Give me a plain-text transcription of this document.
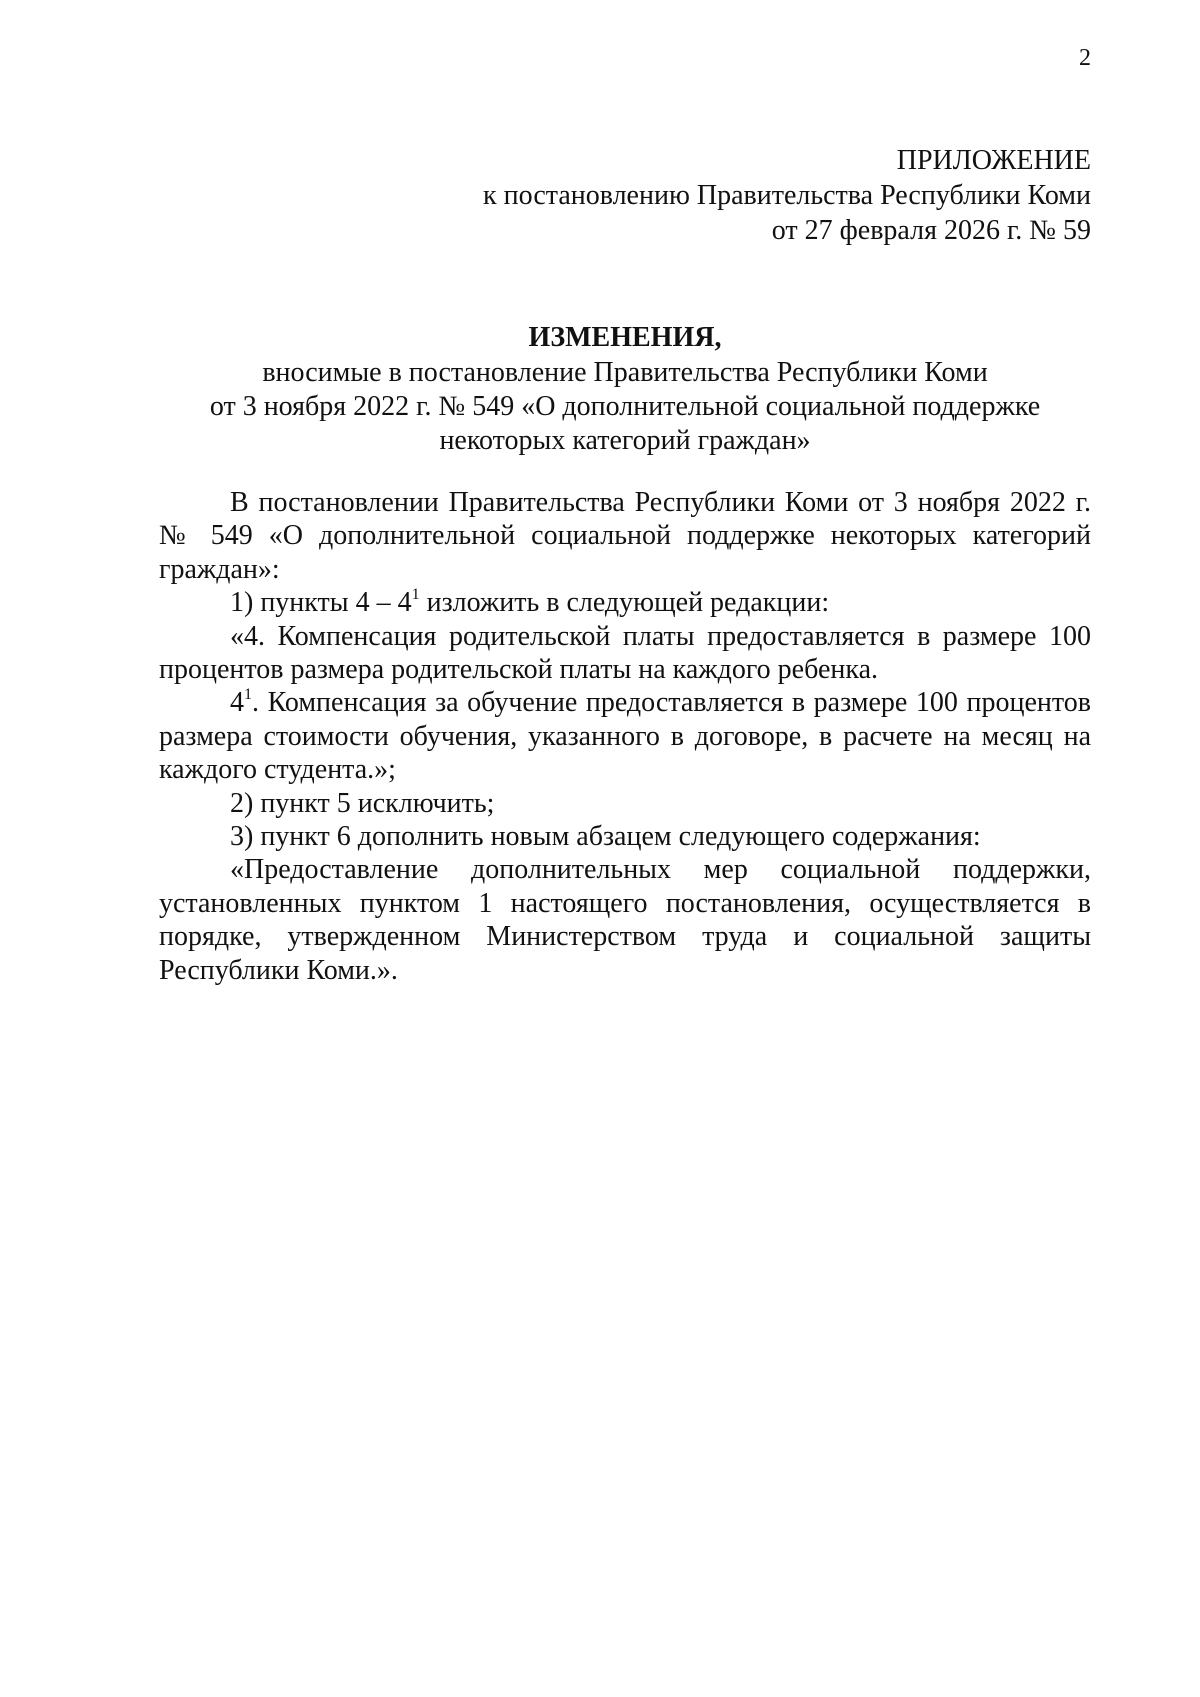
2
ПРИЛОЖЕНИЕ
к постановлению Правительства Республики Коми
от 27 февраля 2026 г. № 59
ИЗМЕНЕНИЯ,
вносимые в постановление Правительства Республики Коми
от 3 ноября 2022 г. № 549 «О дополнительной социальной поддержке
некоторых категорий граждан»

В постановлении Правительства Республики Коми от 3 ноября 2022 г. № 549 «О дополнительной социальной поддержке некоторых категорий граждан»:

1) пункты $4 - 4^1$ изложить в следующей редакции:

«4. Компенсация родительской платы предоставляется в размере 100 процентов размера родительской платы на каждого ребенка.

$4^1$. Компенсация за обучение предоставляется в размере 100 процентов размера стоимости обучения, указанного в договоре, в расчете на месяц на каждого студента.»;

2) пункт 5 исключить;

3) пункт 6 дополнить новым абзацем следующего содержания:

«Предоставление дополнительных мер социальной поддержки, установленных пунктом 1 настоящего постановления, осуществляется в порядке, утвержденном Министерством труда и социальной защиты Республики Коми.».
